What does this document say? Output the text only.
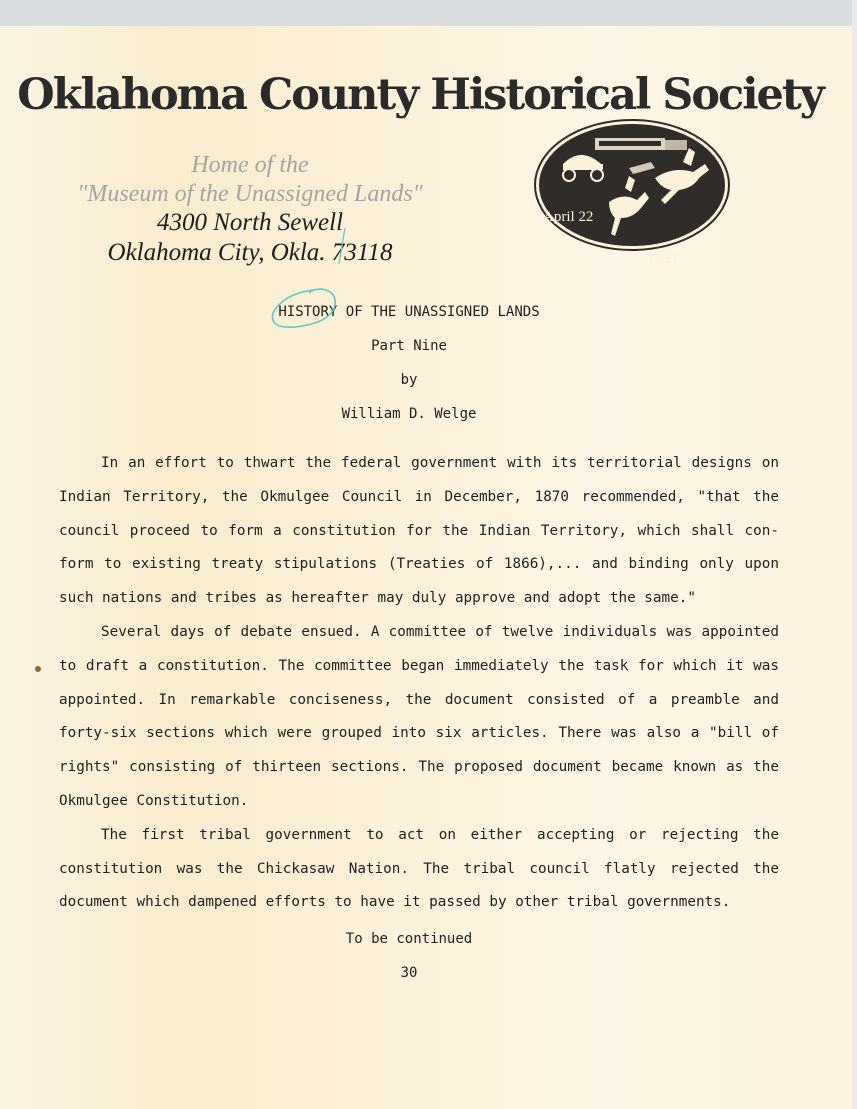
Oklahoma County Historical Society
Home of the
"Museum of the Unassigned Lands"
4300 North Sewell
Oklahoma City, Okla. 73118
April 22
1889
HISTORY OF THE UNASSIGNED LANDS
Part Nine
by
William D. Welge

In an effort to thwart the federal government with its territorial designs on Indian Territory, the Okmulgee Council in December, 1870 recommended, "that the council proceed to form a constitution for the Indian Territory, which shall con-form to existing treaty stipulations (Treaties of 1866),... and binding only upon such nations and tribes as hereafter may duly approve and adopt the same."

Several days of debate ensued. A committee of twelve individuals was appointed to draft a constitution. The committee began immediately the task for which it was appointed. In remarkable conciseness, the document consisted of a preamble and forty-six sections which were grouped into six articles. There was also a "bill of rights" consisting of thirteen sections. The proposed document became known as the Okmulgee Constitution.

The first tribal government to act on either accepting or rejecting the constitution was the Chickasaw Nation. The tribal council flatly rejected the document which dampened efforts to have it passed by other tribal governments.

To be continued
30
